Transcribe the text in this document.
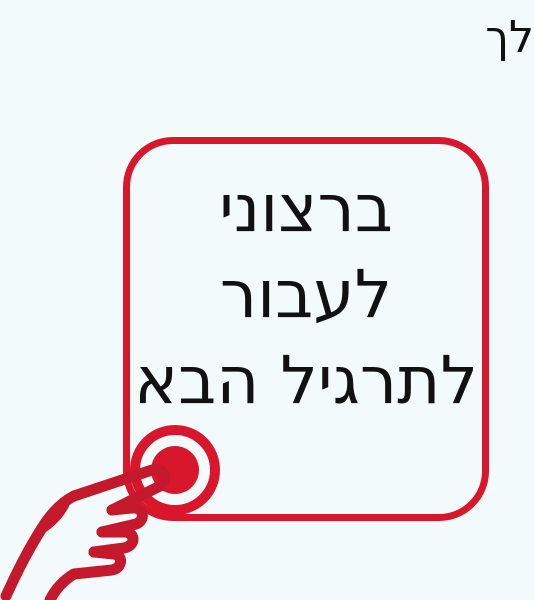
לך
ברצוני
לעבור
לתרגיל הבא
